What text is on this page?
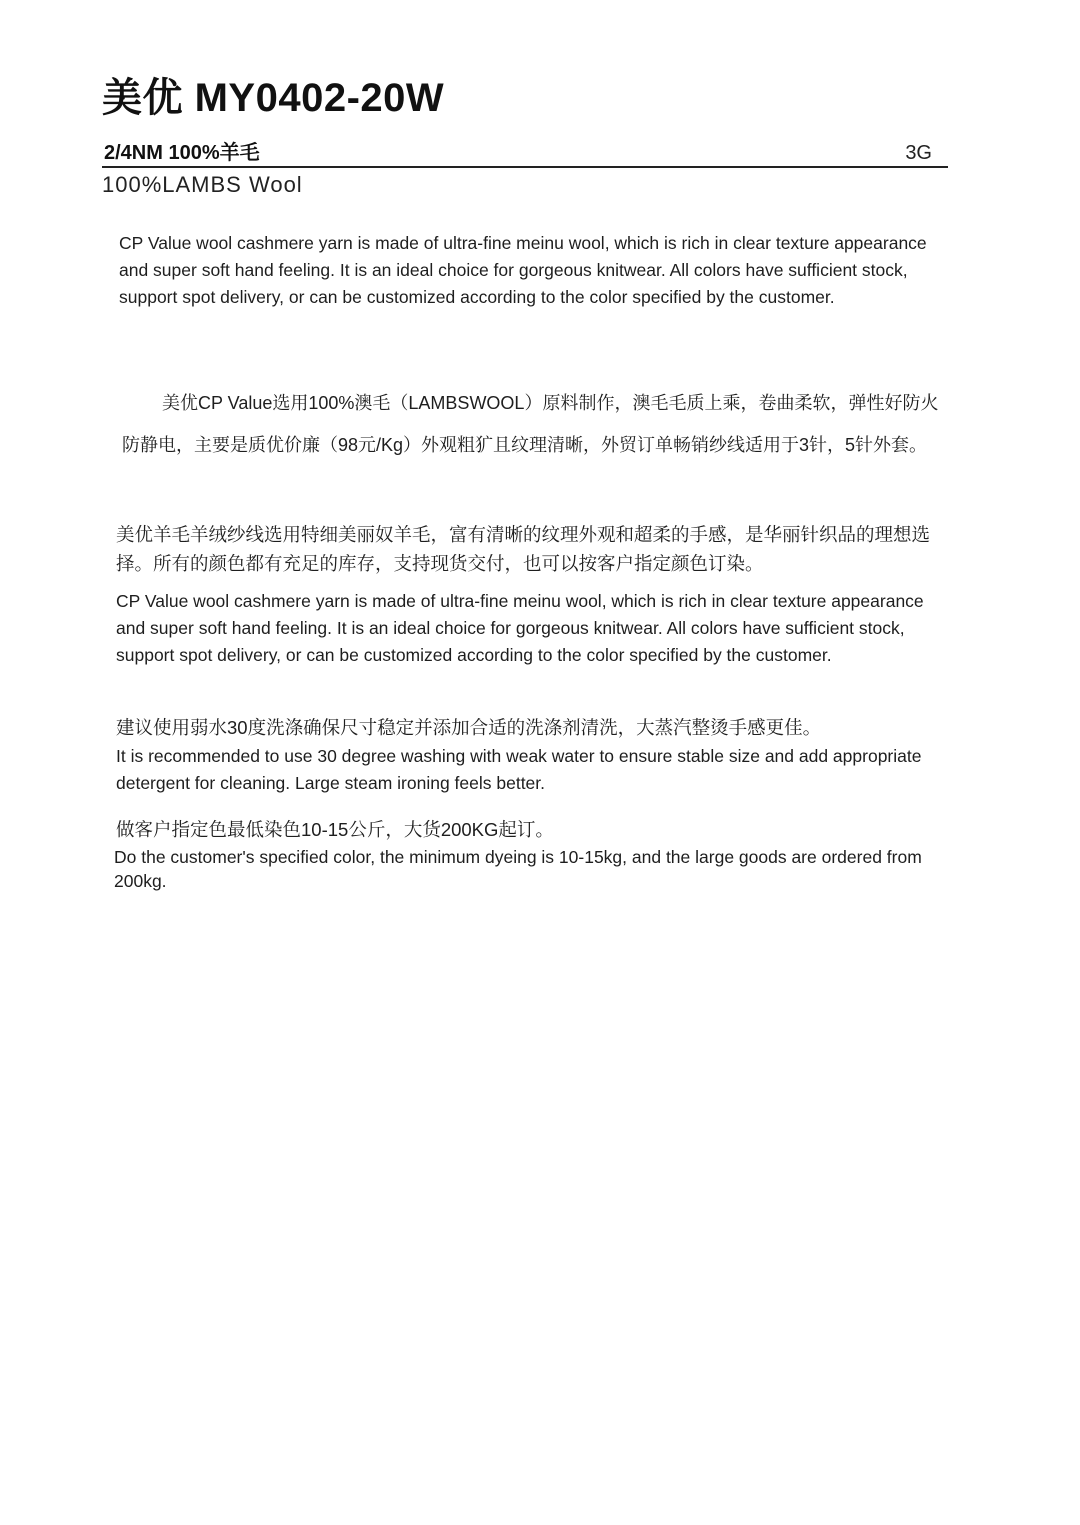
美优 MY0402-20W
2/4NM 100%羊毛	3G
100%LAMBS Wool

CP Value wool cashmere yarn is made of ultra-fine meinu wool, which is rich in clear texture appearance and super soft hand feeling. It is an ideal choice for gorgeous knitwear. All colors have sufficient stock, support spot delivery, or can be customized according to the color specified by the customer.

美优CP Value选用100%澳毛（LAMBSWOOL）原料制作，澳毛毛质上乘，卷曲柔软，弹性好防火防静电，主要是质优价廉（98元/Kg）外观粗犷且纹理清晰，外贸订单畅销纱线适用于3针，5针外套。

美优羊毛羊绒纱线选用特细美丽奴羊毛，富有清晰的纹理外观和超柔的手感，是华丽针织品的理想选择。所有的颜色都有充足的库存，支持现货交付，也可以按客户指定颜色订染。

CP Value wool cashmere yarn is made of ultra-fine meinu wool, which is rich in clear texture appearance and super soft hand feeling. It is an ideal choice for gorgeous knitwear. All colors have sufficient stock, support spot delivery, or can be customized according to the color specified by the customer.

建议使用弱水30度洗涤确保尺寸稳定并添加合适的洗涤剂清洗，大蒸汽整烫手感更佳。

It is recommended to use 30 degree washing with weak water to ensure stable size and add appropriate detergent for cleaning. Large steam ironing feels better.

做客户指定色最低染色10-15公斤，大货200KG起订。

Do the customer's specified color, the minimum dyeing is 10-15kg, and the large goods are ordered from 200kg.
